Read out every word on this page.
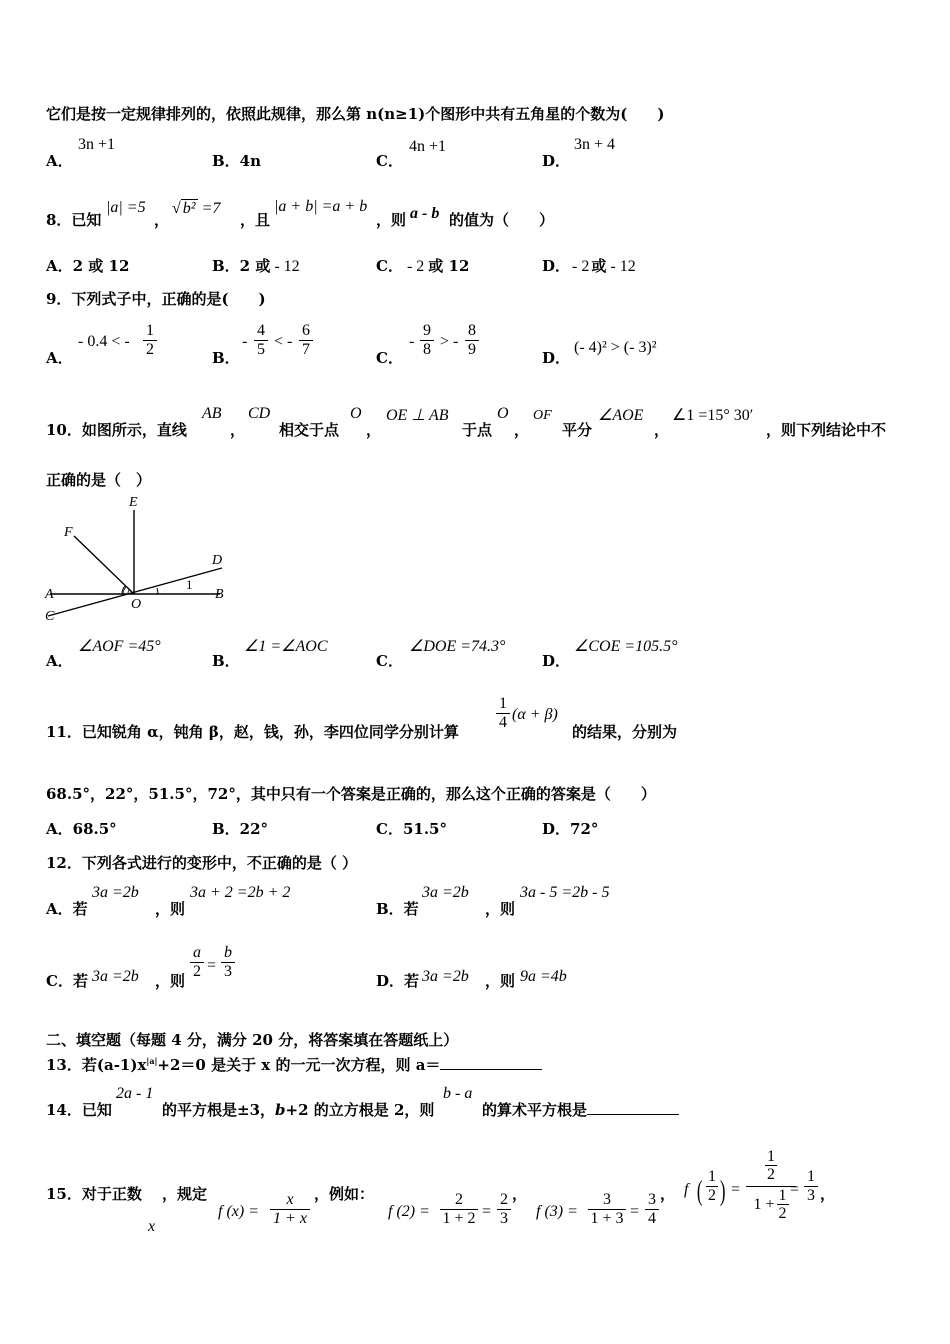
它们是按一定规律排列的，依照此规律，那么第 n(n≥1)个图形中共有五角星的个数为(　　)
A．
3n +1
B．4n	C．
4n +1
D．
3n + 4
8．已知
|a| =5
，
√ b² =7
，且
|a + b| =a + b
，则 a - b 的值为（　　）
A．2 或 12	B．2 或 - 12	C． - 2 或 12	D． - 2 或 - 12
9．下列式子中，正确的是(　　)
A．
- 0.4 < -
1
2	B．
-
4
5 < -
6
7	C．
-
9
8 > -
8
9	D．
(- 4)² > (- 3)²
10．如图所示，直线
AB
，
CD
相交于点
O
，
OE ⊥ AB
于点
O
，
OF
平分
∠AOE
，
∠1 =15° 30′
，则下列结论中不
正确的是（　）
E
F
D
A	B
C
O
1
A．
∠AOF =45°
B．
∠1 =∠AOC
C．
∠DOE =74.3°
D．
∠COE =105.5°
11．已知锐角 α，钝角 β，赵，钱，孙，李四位同学分别计算
1
4 (α + β)
的结果，分别为
68.5°，22°，51.5°，72°，其中只有一个答案是正确的，那么这个正确的答案是（　　）
A．68.5°	B．22°	C．51.5°	D．72°
12．下列各式进行的变形中，不正确的是（ ）
A．若
3a =2b
，则
3a + 2 =2b + 2
B．若
3a =2b
，则
3a - 5 =2b - 5
C．若 3a =2b ，则
a
2 =
b
3
D．若 3a =2b ，则 9a =4b
二、填空题（每题 4 分，满分 20 分，将答案填在答题纸上）
13．若$(a-1)x^{|a|}+2=0$ 是关于 x 的一元一次方程，则 a＝
14．已知
2a - 1
的平方根是±3，b+2 的立方根是 2，则
b - a
的算术平方根是
15．对于正数
x
，规定
f (x) =
x
1 + x
，例如：
f (2) =
2
1 + 2 =
2
3
，
f (3) =
3
1 + 3 =
3
4
， f ( 1
2 ) =
$\frac{1}{2}$
1 + 1
2
=
1
3 ，
